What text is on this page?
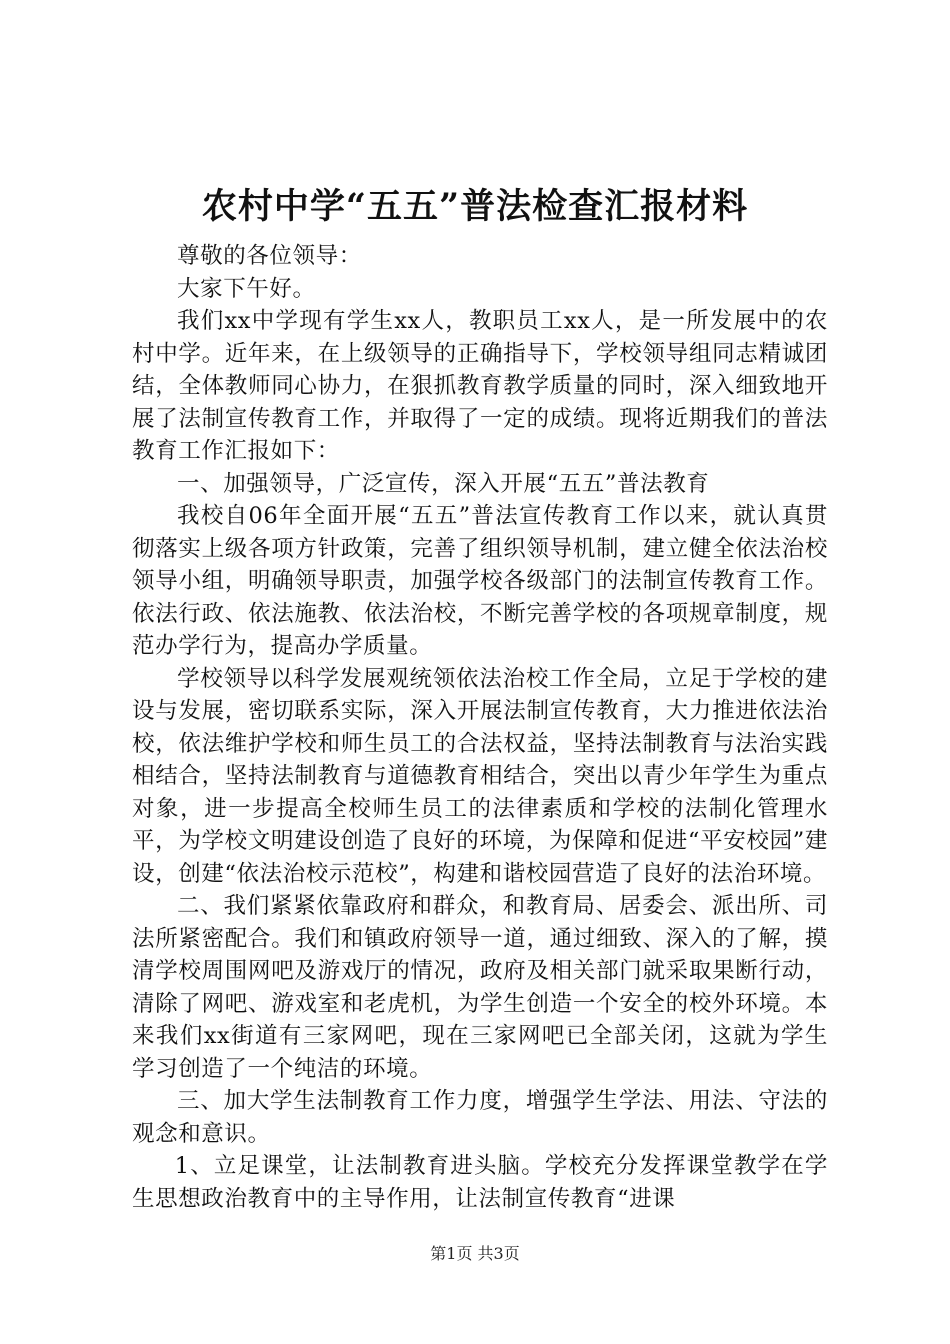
农村中学“五五”普法检查汇报材料

尊敬的各位领导：

大家下午好。

我们xx中学现有学生xx人，教职员工xx人，是一所发展中的农村中学。近年来，在上级领导的正确指导下，学校领导组同志精诚团结，全体教师同心协力，在狠抓教育教学质量的同时，深入细致地开展了法制宣传教育工作，并取得了一定的成绩。现将近期我们的普法教育工作汇报如下：

一、加强领导，广泛宣传，深入开展“五五”普法教育

我校自06年全面开展“五五”普法宣传教育工作以来，就认真贯彻落实上级各项方针政策，完善了组织领导机制，建立健全依法治校领导小组，明确领导职责，加强学校各级部门的法制宣传教育工作。依法行政、依法施教、依法治校，不断完善学校的各项规章制度，规范办学行为，提高办学质量。

学校领导以科学发展观统领依法治校工作全局，立足于学校的建设与发展，密切联系实际，深入开展法制宣传教育，大力推进依法治校，依法维护学校和师生员工的合法权益，坚持法制教育与法治实践相结合，坚持法制教育与道德教育相结合，突出以青少年学生为重点对象，进一步提高全校师生员工的法律素质和学校的法制化管理水平，为学校文明建设创造了良好的环境，为保障和促进“平安校园”建设，创建“依法治校示范校”，构建和谐校园营造了良好的法治环境。

二、我们紧紧依靠政府和群众，和教育局、居委会、派出所、司法所紧密配合。我们和镇政府领导一道，通过细致、深入的了解，摸清学校周围网吧及游戏厅的情况，政府及相关部门就采取果断行动，清除了网吧、游戏室和老虎机，为学生创造一个安全的校外环境。本来我们xx街道有三家网吧，现在三家网吧已全部关闭，这就为学生学习创造了一个纯洁的环境。

三、加大学生法制教育工作力度，增强学生学法、用法、守法的观念和意识。

1、立足课堂，让法制教育进头脑。学校充分发挥课堂教学在学生思想政治教育中的主导作用，让法制宣传教育“进课

第1页 共3页
